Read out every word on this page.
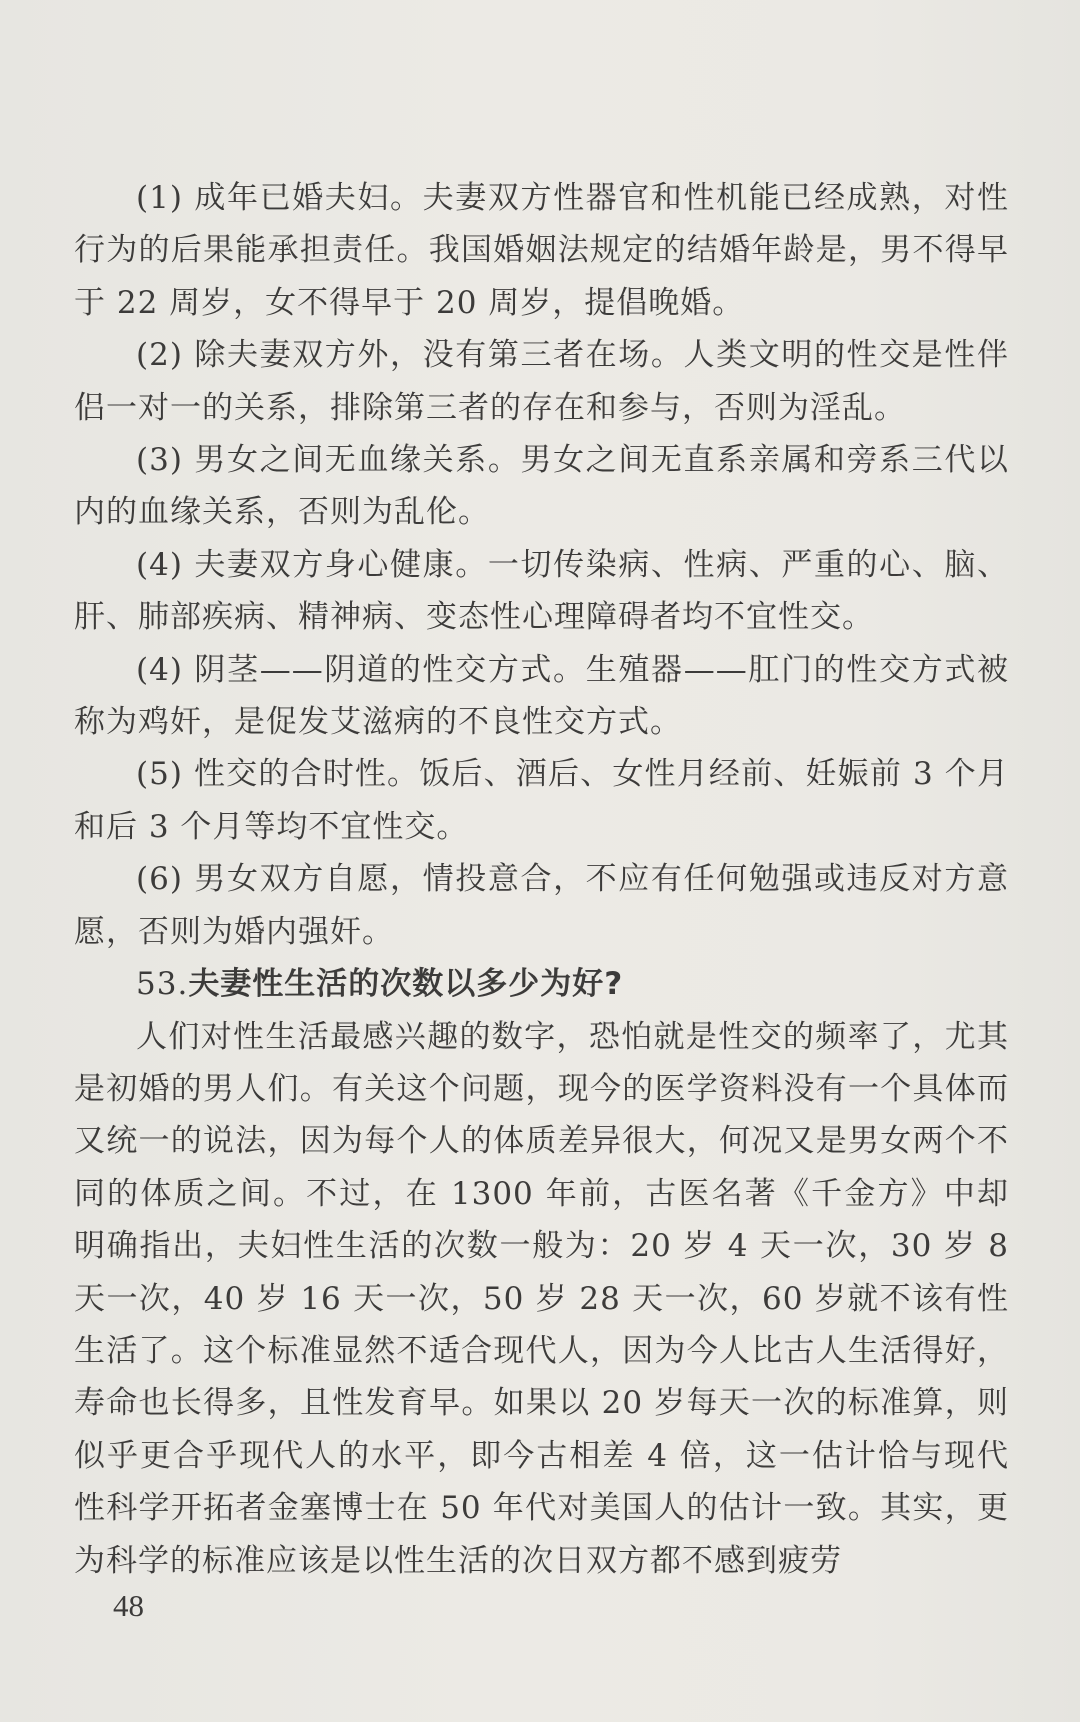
(1) 成年已婚夫妇。夫妻双方性器官和性机能已经成熟，对性行为的后果能承担责任。我国婚姻法规定的结婚年龄是，男不得早于 22 周岁，女不得早于 20 周岁，提倡晚婚。

(2) 除夫妻双方外，没有第三者在场。人类文明的性交是性伴侣一对一的关系，排除第三者的存在和参与，否则为淫乱。

(3) 男女之间无血缘关系。男女之间无直系亲属和旁系三代以内的血缘关系，否则为乱伦。

(4) 夫妻双方身心健康。一切传染病、性病、严重的心、脑、肝、肺部疾病、精神病、变态性心理障碍者均不宜性交。

(4) 阴茎——阴道的性交方式。生殖器——肛门的性交方式被称为鸡奸，是促发艾滋病的不良性交方式。

(5) 性交的合时性。饭后、酒后、女性月经前、妊娠前 3 个月和后 3 个月等均不宜性交。

(6) 男女双方自愿，情投意合，不应有任何勉强或违反对方意愿，否则为婚内强奸。

53.夫妻性生活的次数以多少为好?

人们对性生活最感兴趣的数字，恐怕就是性交的频率了，尤其是初婚的男人们。有关这个问题，现今的医学资料没有一个具体而又统一的说法，因为每个人的体质差异很大，何况又是男女两个不同的体质之间。不过，在 1300 年前，古医名著《千金方》中却明确指出，夫妇性生活的次数一般为：20 岁 4 天一次，30 岁 8 天一次，40 岁 16 天一次，50 岁 28 天一次，60 岁就不该有性生活了。这个标准显然不适合现代人，因为今人比古人生活得好，寿命也长得多，且性发育早。如果以 20 岁每天一次的标准算，则似乎更合乎现代人的水平，即今古相差 4 倍，这一估计恰与现代性科学开拓者金塞博士在 50 年代对美国人的估计一致。其实，更为科学的标准应该是以性生活的次日双方都不感到疲劳

48
